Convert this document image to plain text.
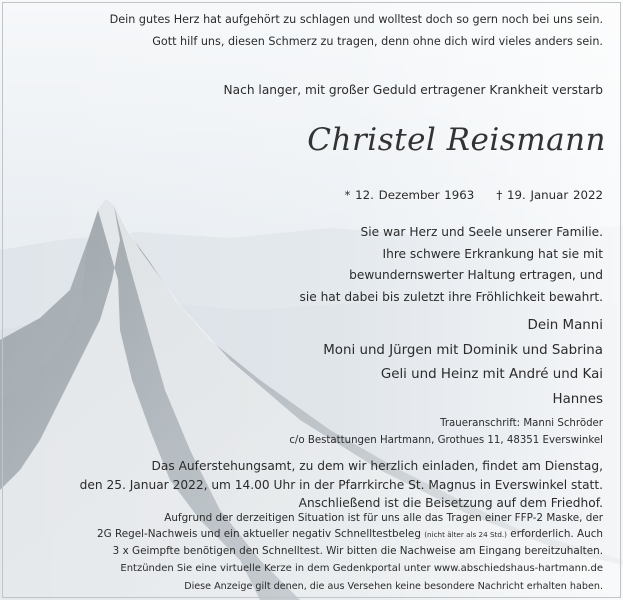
Dein gutes Herz hat aufgehört zu schlagen und wolltest doch so gern noch bei uns sein.
Gott hilf uns, diesen Schmerz zu tragen, denn ohne dich wird vieles anders sein.
Nach langer, mit großer Geduld ertragener Krankheit verstarb
Christel Reismann
* 12. Dezember 1963 † 19. Januar 2022
Sie war Herz und Seele unserer Familie.
Ihre schwere Erkrankung hat sie mit
bewundernswerter Haltung ertragen, und
sie hat dabei bis zuletzt ihre Fröhlichkeit bewahrt.
Dein Manni
Moni und Jürgen mit Dominik und Sabrina
Geli und Heinz mit André und Kai
Hannes
Traueranschrift: Manni Schröder
c/o Bestattungen Hartmann, Grothues 11, 48351 Everswinkel
Das Auferstehungsamt, zu dem wir herzlich einladen, findet am Dienstag,
den 25. Januar 2022, um 14.00 Uhr in der Pfarrkirche St. Magnus in Everswinkel statt.
Anschließend ist die Beisetzung auf dem Friedhof.
Aufgrund der derzeitigen Situation ist für uns alle das Tragen einer FFP-2 Maske, der
2G Regel-Nachweis und ein aktueller negativ Schnelltestbeleg (nicht älter als 24 Std.) erforderlich. Auch
3 x Geimpfte benötigen den Schnelltest. Wir bitten die Nachweise am Eingang bereitzuhalten.
Entzünden Sie eine virtuelle Kerze in dem Gedenkportal unter www.abschiedshaus-hartmann.de
Diese Anzeige gilt denen, die aus Versehen keine besondere Nachricht erhalten haben.
